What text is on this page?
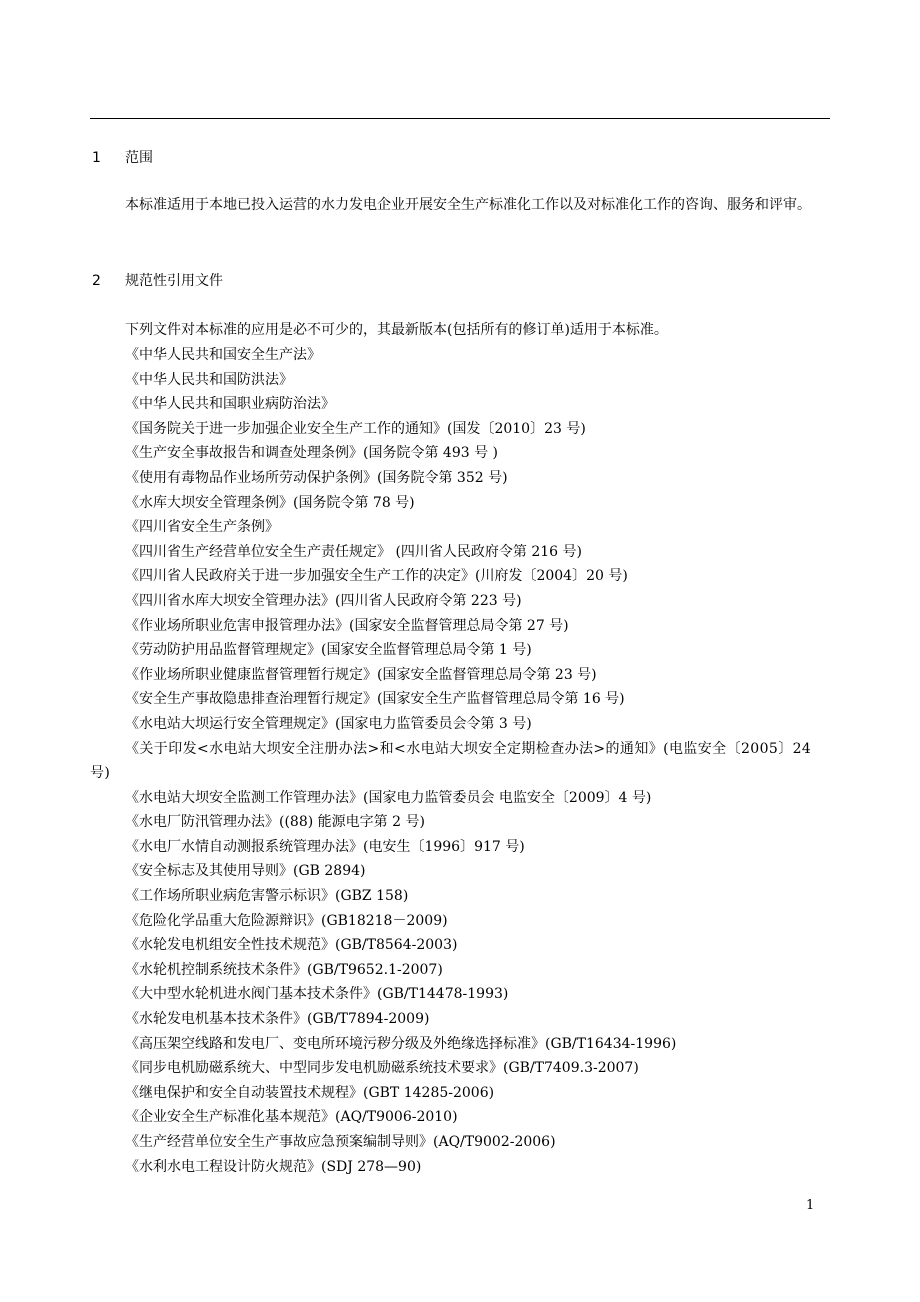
1 范围

本标准适用于本地已投入运营的水力发电企业开展安全生产标准化工作以及对标准化工作的咨询、服务和评审。

2 规范性引用文件

下列文件对本标准的应用是必不可少的，其最新版本(包括所有的修订单)适用于本标准。

《中华人民共和国安全生产法》
《中华人民共和国防洪法》
《中华人民共和国职业病防治法》
《国务院关于进一步加强企业安全生产工作的通知》(国发〔2010〕23 号)
《生产安全事故报告和调查处理条例》(国务院令第 493 号 )
《使用有毒物品作业场所劳动保护条例》(国务院令第 352 号)
《水库大坝安全管理条例》(国务院令第 78 号)
《四川省安全生产条例》
《四川省生产经营单位安全生产责任规定》 (四川省人民政府令第 216 号)
《四川省人民政府关于进一步加强安全生产工作的决定》(川府发〔2004〕20 号)
《四川省水库大坝安全管理办法》(四川省人民政府令第 223 号)
《作业场所职业危害申报管理办法》(国家安全监督管理总局令第 27 号)
《劳动防护用品监督管理规定》(国家安全监督管理总局令第 1 号)
《作业场所职业健康监督管理暂行规定》(国家安全监督管理总局令第 23 号)
《安全生产事故隐患排查治理暂行规定》(国家安全生产监督管理总局令第 16 号)
《水电站大坝运行安全管理规定》(国家电力监管委员会令第 3 号)
《关于印发<水电站大坝安全注册办法>和<水电站大坝安全定期检查办法>的通知》(电监安全〔2005〕24 号)
《水电站大坝安全监测工作管理办法》(国家电力监管委员会 电监安全〔2009〕4 号)
《水电厂防汛管理办法》((88) 能源电字第 2 号)
《水电厂水情自动测报系统管理办法》(电安生〔1996〕917 号)
《安全标志及其使用导则》(GB 2894)
《工作场所职业病危害警示标识》(GBZ 158)
《危险化学品重大危险源辩识》(GB18218－2009)
《水轮发电机组安全性技术规范》(GB/T8564-2003)
《水轮机控制系统技术条件》(GB/T9652.1-2007)
《大中型水轮机进水阀门基本技术条件》(GB/T14478-1993)
《水轮发电机基本技术条件》(GB/T7894-2009)
《高压架空线路和发电厂、变电所环境污秽分级及外绝缘选择标准》(GB/T16434-1996)
《同步电机励磁系统大、中型同步发电机励磁系统技术要求》(GB/T7409.3-2007)
《继电保护和安全自动装置技术规程》(GBT 14285-2006)
《企业安全生产标准化基本规范》(AQ/T9006-2010)
《生产经营单位安全生产事故应急预案编制导则》(AQ/T9002-2006)
《水利水电工程设计防火规范》(SDJ 278—90)
1
